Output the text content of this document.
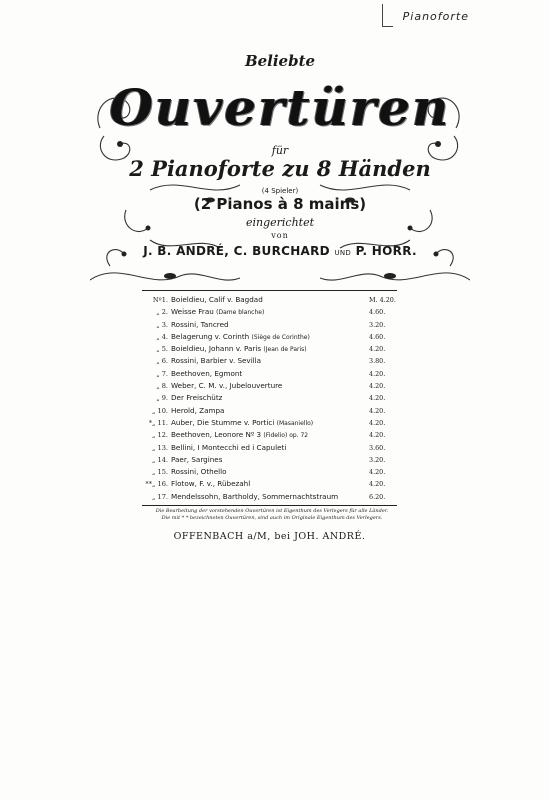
Pianoforte
Beliebte
Ouvertüren
für
2 Pianoforte zu 8 Händen
(4 Spieler)
(2 Pianos à 8 mains)
eingerichtet
von
J. B. ANDRÉ, C. BURCHARD UND P. HORR.
Nº1. Boieldieu, Calif v. Bagdad	M. 4.20.
„ 2. Weisse Frau (Dame blanche)	4.60.
„ 3. Rossini, Tancred	3.20.
„ 4. Belagerung v. Corinth (Siège de Corinthe)	4.60.
„ 5. Boieldieu, Johann v. Paris (Jean de Paris)	4.20.
„ 6. Rossini, Barbier v. Sevilla	3.80.
„ 7. Beethoven, Egmont	4.20.
„ 8. Weber, C. M. v., Jubelouverture	4.20.
„ 9. Der Freischütz	4.20.
„ 10. Herold, Zampa	4.20.
*„ 11. Auber, Die Stumme v. Portici (Masaniello)	4.20.
„ 12. Beethoven, Leonore Nº 3 (Fidelio) op. 72	4.20.
„ 13. Bellini, I Montecchi ed i Capuleti	3.60.
„ 14. Paer, Sargines	3.20.
„ 15. Rossini, Othello	4.20.
**„ 16. Flotow, F. v., Rübezahl	4.20.
„ 17. Mendelssohn, Bartholdy, Sommernachtstraum	6.20.
Die Bearbeitung der vorstehenden Ouvertüren ist Eigenthum des Verlegers für alle Länder.
Die mit * * bezeichneten Ouvertüren, sind auch im Originale Eigenthum des Verlegers.
OFFENBACH a/M, bei JOH. ANDRÉ.
